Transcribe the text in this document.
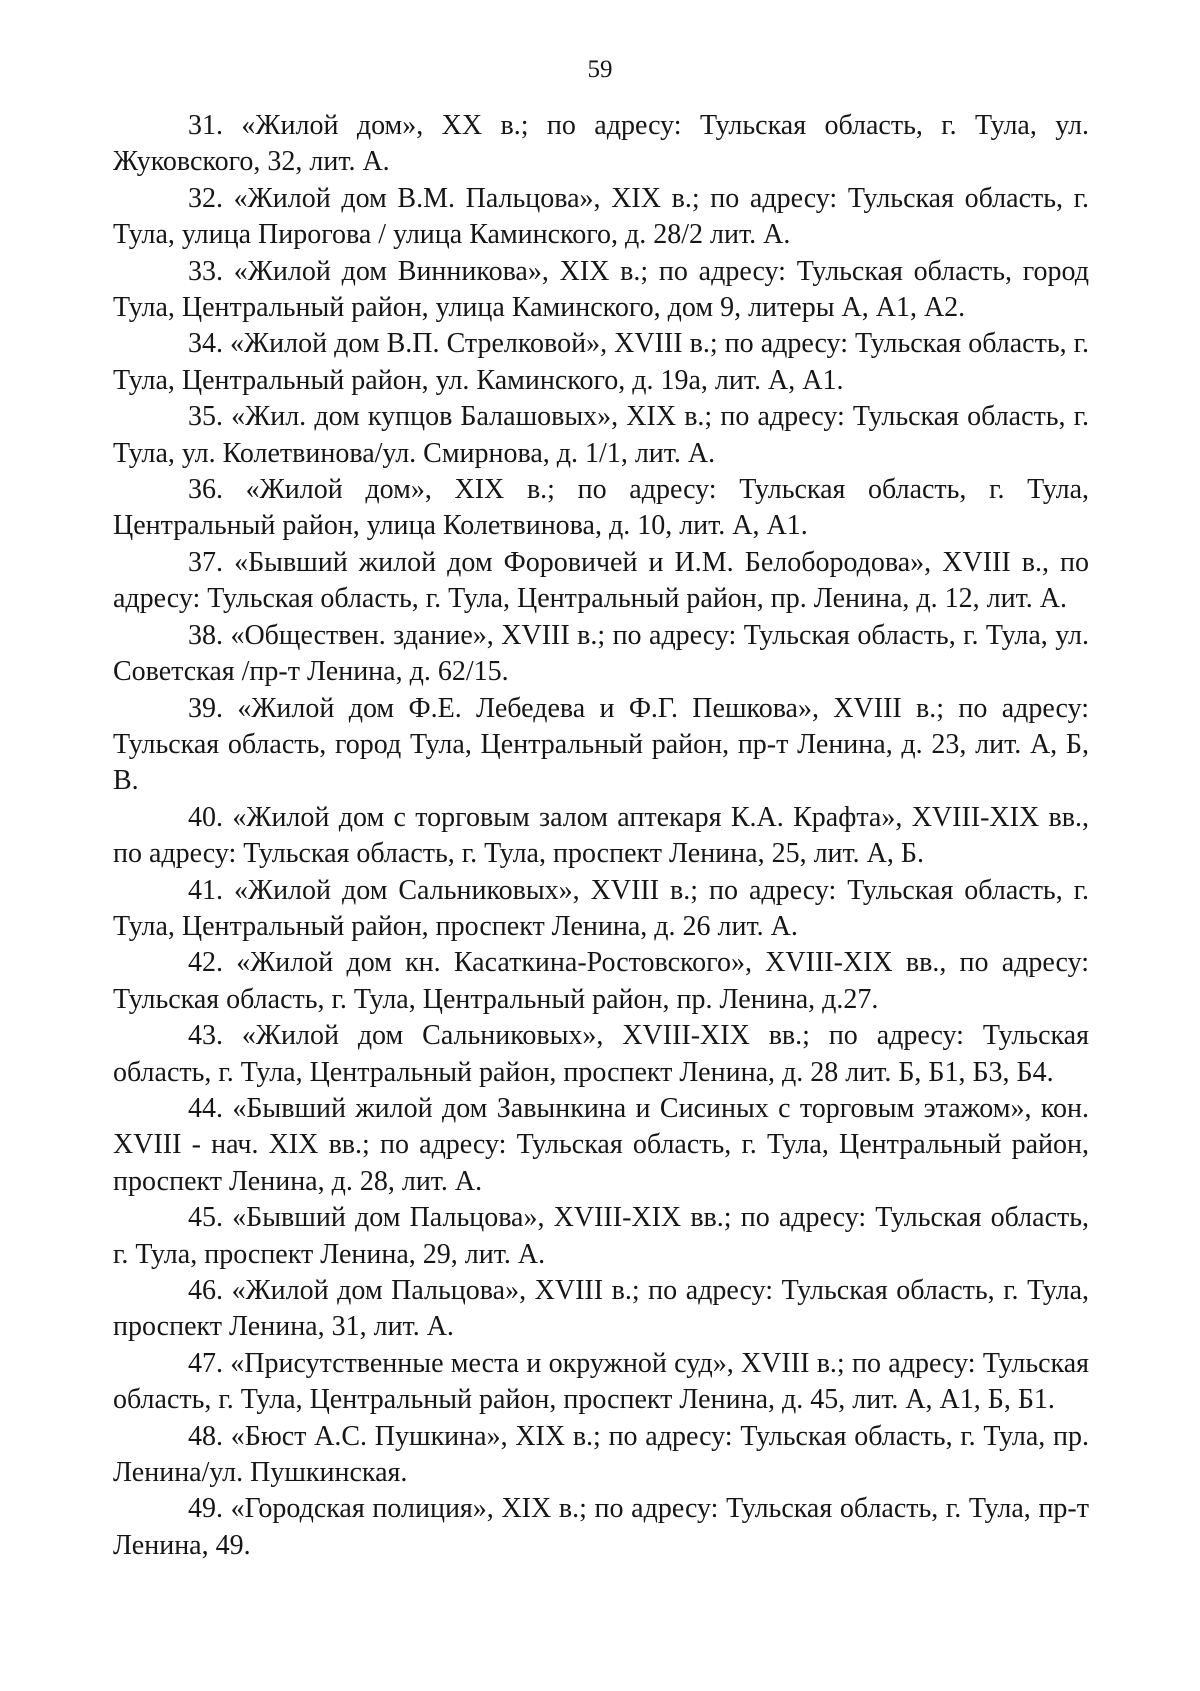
59

31. «Жилой дом», XX в.; по адресу: Тульская область, г. Тула, ул. Жуковского, 32, лит. А.

32. «Жилой дом В.М. Пальцова», XIX в.; по адресу: Тульская область, г. Тула, улица Пирогова / улица Каминского, д. 28/2 лит. А.

33. «Жилой дом Винникова», XIX в.; по адресу: Тульская область, город Тула, Центральный район, улица Каминского, дом 9, литеры А, А1, А2.

34. «Жилой дом В.П. Стрелковой», XVIII в.; по адресу: Тульская область, г. Тула, Центральный район, ул. Каминского, д. 19а, лит. А, А1.

35. «Жил. дом купцов Балашовых», XIX в.; по адресу: Тульская область, г. Тула, ул. Колетвинова/ул. Смирнова, д. 1/1, лит. А.

36. «Жилой дом», XIX в.; по адресу: Тульская область, г. Тула, Центральный район, улица Колетвинова, д. 10, лит. А, А1.

37. «Бывший жилой дом Форовичей и И.М. Белобородова», XVIII в., по адресу: Тульская область, г. Тула, Центральный район, пр. Ленина, д. 12, лит. А.

38. «Обществен. здание», XVIII в.; по адресу: Тульская область, г. Тула, ул. Советская /пр-т Ленина, д. 62/15.

39. «Жилой дом Ф.Е. Лебедева и Ф.Г. Пешкова», XVIII в.; по адресу: Тульская область, город Тула, Центральный район, пр-т Ленина, д. 23, лит. А, Б, В.

40. «Жилой дом с торговым залом аптекаря К.А. Крафта», XVIII-XIX вв., по адресу: Тульская область, г. Тула, проспект Ленина, 25, лит. А, Б.

41. «Жилой дом Сальниковых», XVIII в.; по адресу: Тульская область, г. Тула, Центральный район, проспект Ленина, д. 26 лит. А.

42. «Жилой дом кн. Касаткина-Ростовского», XVIII-XIX вв., по адресу: Тульская область, г. Тула, Центральный район, пр. Ленина, д.27.

43. «Жилой дом Сальниковых», XVIII-XIX вв.; по адресу: Тульская область, г. Тула, Центральный район, проспект Ленина, д. 28 лит. Б, Б1, Б3, Б4.

44. «Бывший жилой дом Завынкина и Сисиных с торговым этажом», кон. XVIII - нач. XIX вв.; по адресу: Тульская область, г. Тула, Центральный район, проспект Ленина, д. 28, лит. А.

45. «Бывший дом Пальцова», XVIII-XIX вв.; по адресу: Тульская область, г. Тула, проспект Ленина, 29, лит. А.

46. «Жилой дом Пальцова», XVIII в.; по адресу: Тульская область, г. Тула, проспект Ленина, 31, лит. А.

47. «Присутственные места и окружной суд», XVIII в.; по адресу: Тульская область, г. Тула, Центральный район, проспект Ленина, д. 45, лит. А, А1, Б, Б1.

48. «Бюст А.С. Пушкина», XIX в.; по адресу: Тульская область, г. Тула, пр. Ленина/ул. Пушкинская.

49. «Городская полиция», XIX в.; по адресу: Тульская область, г. Тула, пр-т Ленина, 49.
